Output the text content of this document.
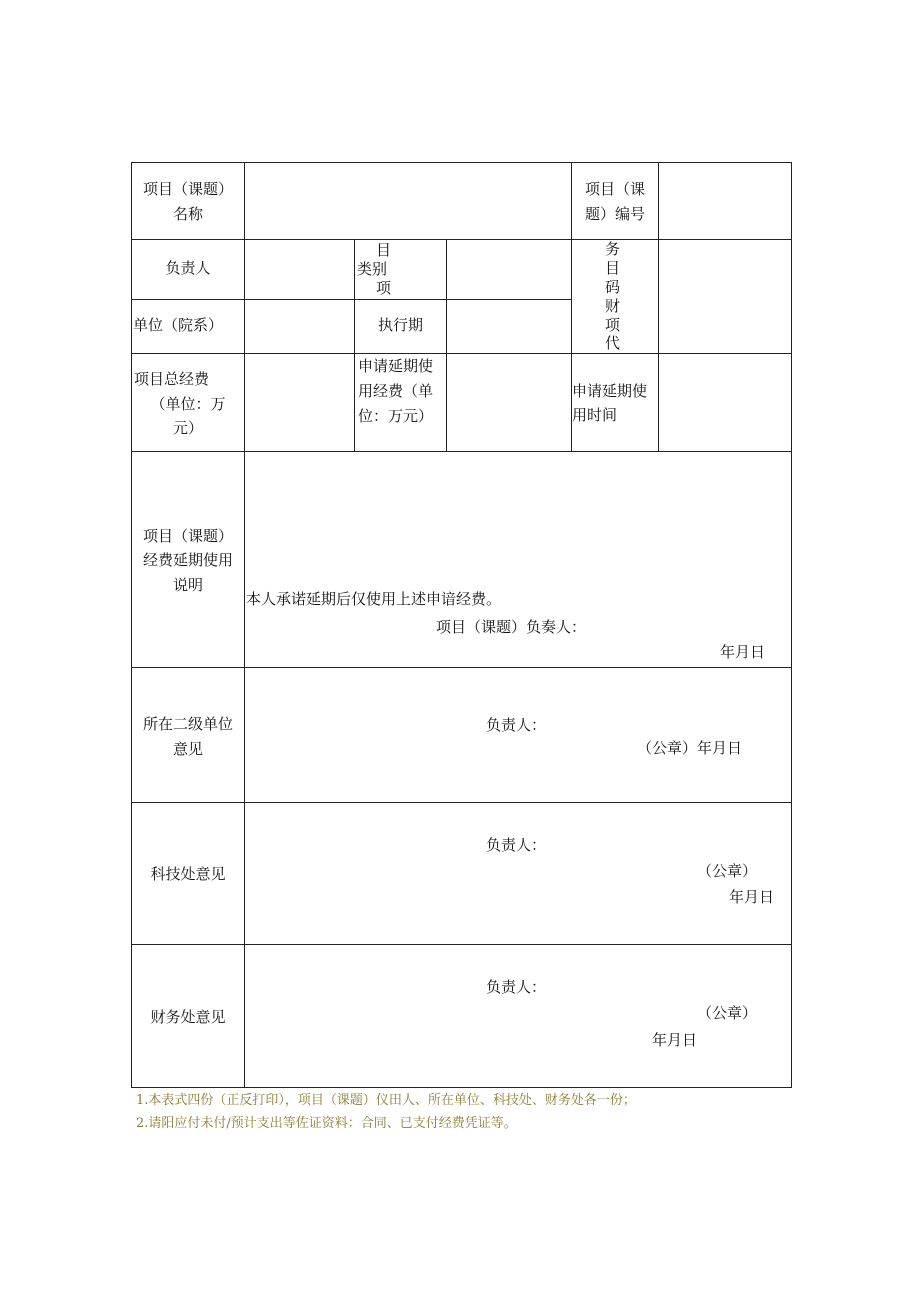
项目（课题）
名称
项目（课
题）编号
负责人
目
类别
项
务
目
码
财
项
代
单位（院系）	执行期
项目总经费
（单位：万
元）
申请延期使
用经费（单
位：万元）
申请延期使
用时间
项目（课题）
经费延期使用
说明
本人承诺延期后仅使用上述申谙经费。
项目（课题）负奏人：
年月日
所在二级单位
意见
负责人：
（公章）年月日
科技处意见
负责人：
（公章）
年月日
财务处意见
负责人：
（公章）
年月日
1.本表式四份（正反打印），项目（课题）仪田人、所在单位、科技处、财务处各一份；
2.请阳应付未付/预计支出等佐证资料：合同、已支付经费凭证等。
